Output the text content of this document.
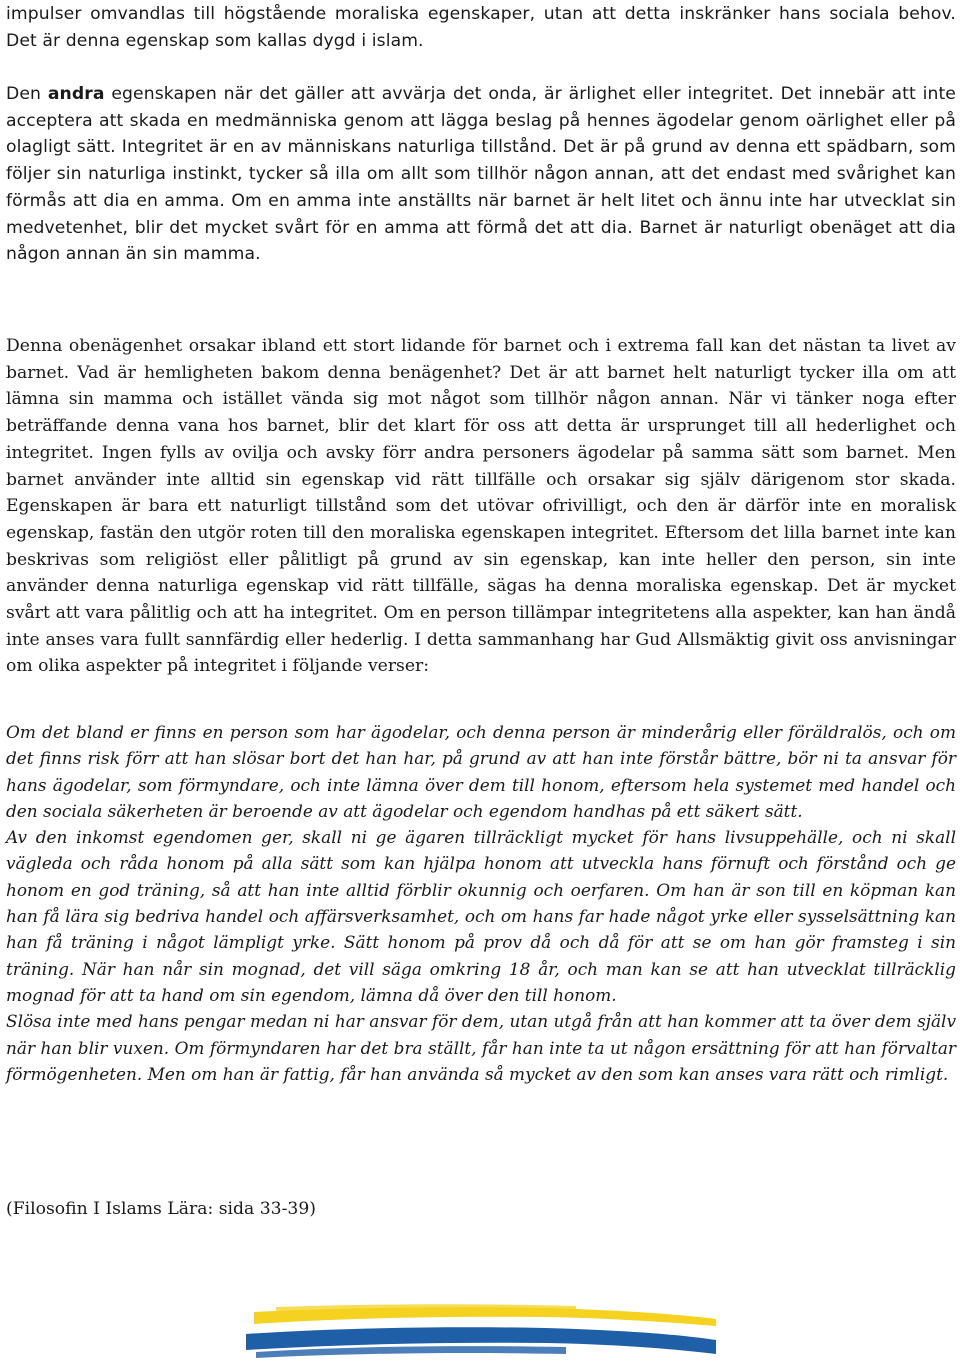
impulser omvandlas till högstående moraliska egenskaper, utan att detta inskränker hans sociala behov.
Det är denna egenskap som kallas dygd i islam.

Den andra egenskapen när det gäller att avvärja det onda, är ärlighet eller integritet. Det innebär att inte acceptera att skada en medmänniska genom att lägga beslag på hennes ägodelar genom oärlighet eller på olagligt sätt. Integritet är en av människans naturliga tillstånd. Det är på grund av denna ett spädbarn, som följer sin naturliga instinkt, tycker så illa om allt som tillhör någon annan, att det endast med svårighet kan förmås att dia en amma. Om en amma inte anställts när barnet är helt litet och ännu inte har utvecklat sin medvetenhet, blir det mycket svårt för en amma att förmå det att dia. Barnet är naturligt obenäget att dia någon annan än sin mamma.

Denna obenägenhet orsakar ibland ett stort lidande för barnet och i extrema fall kan det nästan ta livet av barnet. Vad är hemligheten bakom denna benägenhet? Det är att barnet helt naturligt tycker illa om att lämna sin mamma och istället vända sig mot något som tillhör någon annan. När vi tänker noga efter beträffande denna vana hos barnet, blir det klart för oss att detta är ursprunget till all hederlighet och integritet. Ingen fylls av ovilja och avsky förr andra personers ägodelar på samma sätt som barnet. Men barnet använder inte alltid sin egenskap vid rätt tillfälle och orsakar sig själv därigenom stor skada. Egenskapen är bara ett naturligt tillstånd som det utövar ofrivilligt, och den är därför inte en moralisk egenskap, fastän den utgör roten till den moraliska egenskapen integritet. Eftersom det lilla barnet inte kan beskrivas som religiöst eller pålitligt på grund av sin egenskap, kan inte heller den person, sin inte använder denna naturliga egenskap vid rätt tillfälle, sägas ha denna moraliska egenskap. Det är mycket svårt att vara pålitlig och att ha integritet. Om en person tillämpar integritetens alla aspekter, kan han ändå inte anses vara fullt sannfärdig eller hederlig. I detta sammanhang har Gud Allsmäktig givit oss anvisningar om olika aspekter på integritet i följande verser:

Om det bland er finns en person som har ägodelar, och denna person är minderårig eller föräldralös, och om det finns risk förr att han slösar bort det han har, på grund av att han inte förstår bättre, bör ni ta ansvar för hans ägodelar, som förmyndare, och inte lämna över dem till honom, eftersom hela systemet med handel och den sociala säkerheten är beroende av att ägodelar och egendom handhas på ett säkert sätt.

Av den inkomst egendomen ger, skall ni ge ägaren tillräckligt mycket för hans livsuppehälle, och ni skall vägleda och råda honom på alla sätt som kan hjälpa honom att utveckla hans förnuft och förstånd och ge honom en god träning, så att han inte alltid förblir okunnig och oerfaren. Om han är son till en köpman kan han få lära sig bedriva handel och affärsverksamhet, och om hans far hade något yrke eller sysselsättning kan han få träning i något lämpligt yrke. Sätt honom på prov då och då för att se om han gör framsteg i sin träning. När han når sin mognad, det vill säga omkring 18 år, och man kan se att han utvecklat tillräcklig mognad för att ta hand om sin egendom, lämna då över den till honom.

Slösa inte med hans pengar medan ni har ansvar för dem, utan utgå från att han kommer att ta över dem själv när han blir vuxen. Om förmyndaren har det bra ställt, får han inte ta ut någon ersättning för att han förvaltar förmögenheten. Men om han är fattig, får han använda så mycket av den som kan anses vara rätt och rimligt.

(Filosofin I Islams Lära: sida 33-39)
